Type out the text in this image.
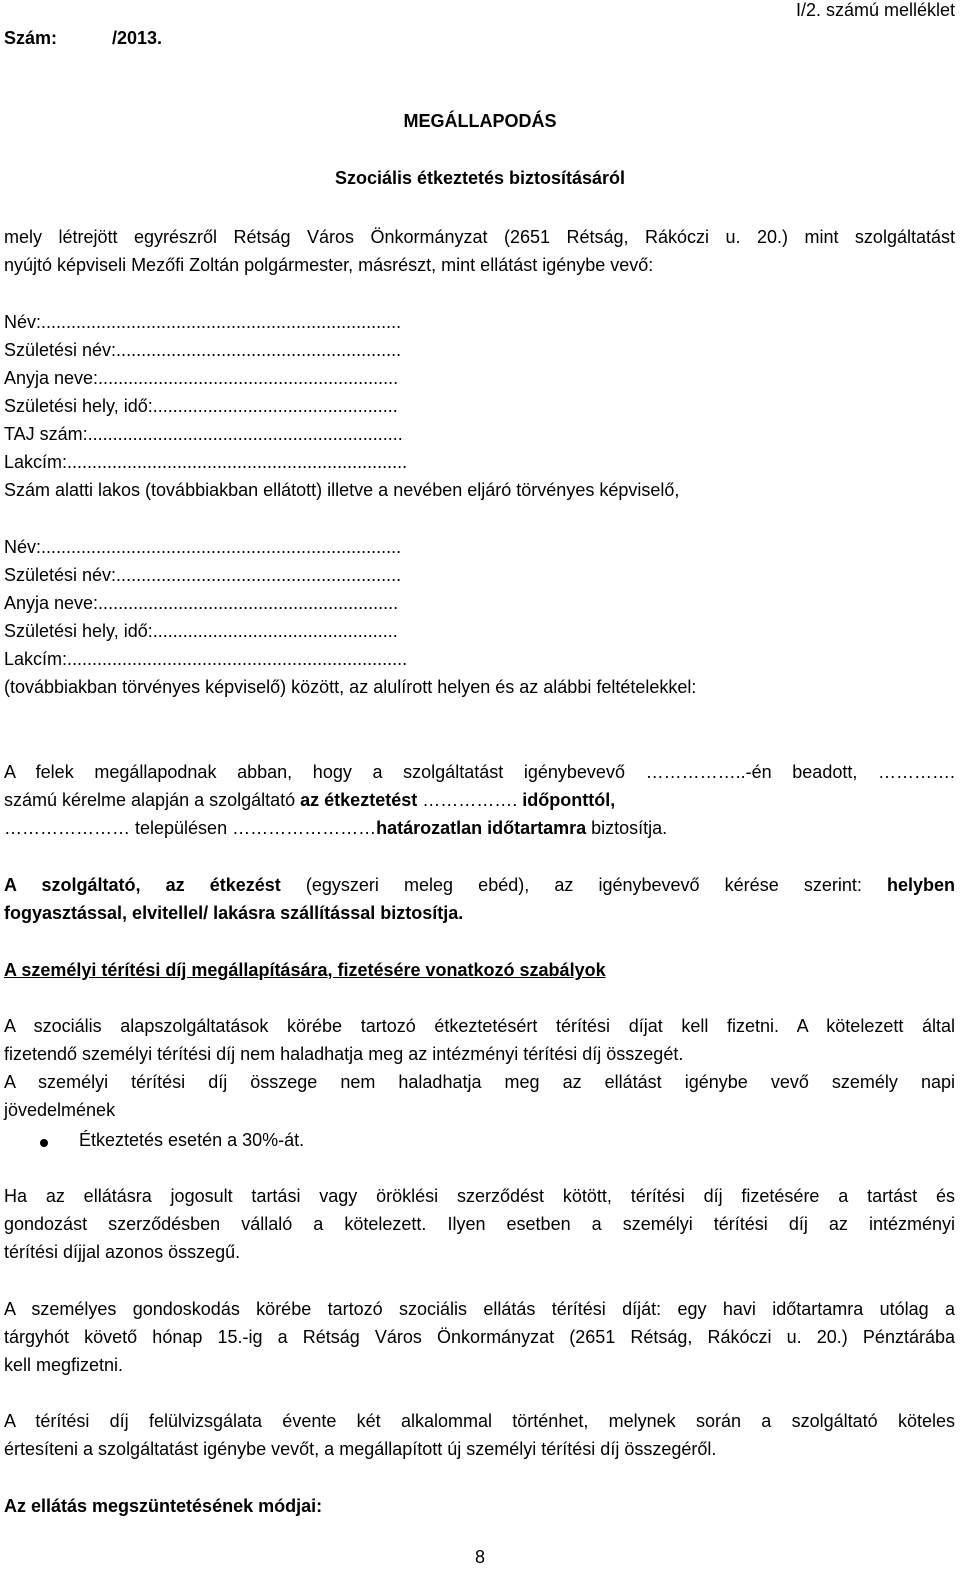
Szám:	/2013.
I/2. számú melléklet
MEGÁLLAPODÁS
Szociális étkeztetés biztosításáról
mely létrejött egyrészről Rétság Város Önkormányzat (2651 Rétság, Rákóczi u. 20.) mint szolgáltatást
nyújtó képviseli Mezőfi Zoltán polgármester, másrészt, mint ellátást igénybe vevő:
Név:........................................................................
Születési név:.........................................................
Anyja neve:............................................................
Születési hely, idő:.................................................
TAJ szám:...............................................................
Lakcím:....................................................................
Szám alatti lakos (továbbiakban ellátott) illetve a nevében eljáró törvényes képviselő,
Név:........................................................................
Születési név:.........................................................
Anyja neve:............................................................
Születési hely, idő:.................................................
Lakcím:....................................................................
(továbbiakban törvényes képviselő) között, az alulírott helyen és az alábbi feltételekkel:
A felek megállapodnak abban, hogy a szolgáltatást igénybevevő ……………..-én beadott, ………….
számú kérelme alapján a szolgáltató az étkeztetést ……………. időponttól,
………………… településen ……………………határozatlan időtartamra biztosítja.
A szolgáltató, az étkezést (egyszeri meleg ebéd), az igénybevevő kérése szerint: helyben
fogyasztással, elvitellel/ lakásra szállítással biztosítja.
A személyi térítési díj megállapítására, fizetésére vonatkozó szabályok
A szociális alapszolgáltatások körébe tartozó étkeztetésért térítési díjat kell fizetni. A kötelezett által
fizetendő személyi térítési díj nem haladhatja meg az intézményi térítési díj összegét.
A személyi térítési díj összege nem haladhatja meg az ellátást igénybe vevő személy napi
jövedelmének
Étkeztetés esetén a 30%-át.
Ha az ellátásra jogosult tartási vagy öröklési szerződést kötött, térítési díj fizetésére a tartást és
gondozást szerződésben vállaló a kötelezett. Ilyen esetben a személyi térítési díj az intézményi
térítési díjjal azonos összegű.
A személyes gondoskodás körébe tartozó szociális ellátás térítési díját: egy havi időtartamra utólag a
tárgyhót követő hónap 15.-ig a Rétság Város Önkormányzat (2651 Rétság, Rákóczi u. 20.) Pénztárába
kell megfizetni.
A térítési díj felülvizsgálata évente két alkalommal történhet, melynek során a szolgáltató köteles
értesíteni a szolgáltatást igénybe vevőt, a megállapított új személyi térítési díj összegéről.
Az ellátás megszüntetésének módjai:
8
